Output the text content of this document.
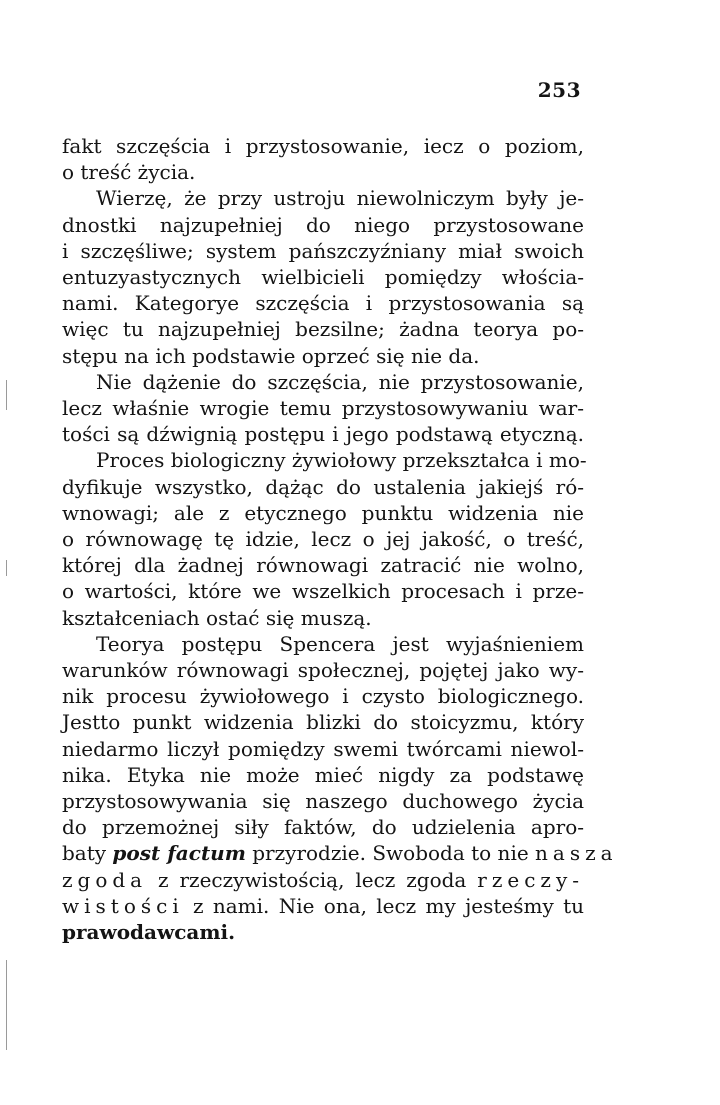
253
fakt szczęścia i przystosowanie, iecz o poziom,
o treść życia.
Wierzę, że przy ustroju niewolniczym były je-
dnostki najzupełniej do niego przystosowane
i szczęśliwe; system pańszczyźniany miał swoich
entuzyastycznych wielbicieli pomiędzy włościa-
nami. Kategorye szczęścia i przystosowania są
więc tu najzupełniej bezsilne; żadna teorya po-
stępu na ich podstawie oprzeć się nie da.
Nie dążenie do szczęścia, nie przystosowanie,
lecz właśnie wrogie temu przystosowywaniu war-
tości są dźwignią postępu i jego podstawą etyczną.
Proces biologiczny żywiołowy przekształca i mo-
dyfikuje wszystko, dążąc do ustalenia jakiejś ró-
wnowagi; ale z etycznego punktu widzenia nie
o równowagę tę idzie, lecz o jej jakość, o treść,
której dla żadnej równowagi zatracić nie wolno,
o wartości, które we wszelkich procesach i prze-
kształceniach ostać się muszą.
Teorya postępu Spencera jest wyjaśnieniem
warunków równowagi społecznej, pojętej jako wy-
nik procesu żywiołowego i czysto biologicznego.
Jestto punkt widzenia blizki do stoicyzmu, który
niedarmo liczył pomiędzy swemi twórcami niewol-
nika. Etyka nie może mieć nigdy za podstawę
przystosowywania się naszego duchowego życia
do przemożnej siły faktów, do udzielenia apro-
baty post factum przyrodzie. Swoboda to nie nasza
zgoda z rzeczywistością, lecz zgoda rzeczy-
wistości z nami. Nie ona, lecz my jesteśmy tu
prawodawcami.
